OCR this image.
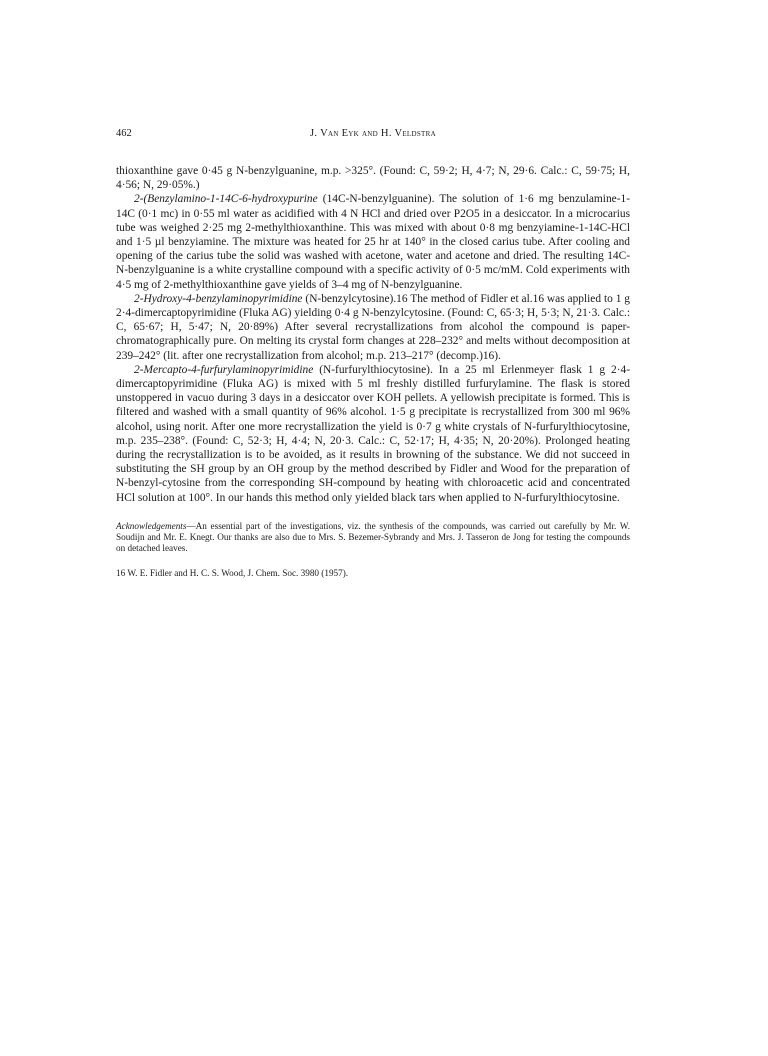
462	J. Van Eyk and H. Veldstra

thioxanthine gave 0·45 g N-benzylguanine, m.p. >325°. (Found: C, 59·2; H, 4·7; N, 29·6. Calc.: C, 59·75; H, 4·56; N, 29·05%.)

2-(Benzylamino-1-14C-6-hydroxypurine (14C-N-benzylguanine). The solution of 1·6 mg benzulamine-1-14C (0·1 mc) in 0·55 ml water as acidified with 4 N HCl and dried over P2O5 in a desiccator. In a microcarius tube was weighed 2·25 mg 2-methylthioxanthine. This was mixed with about 0·8 mg benzyiamine-1-14C-HCl and 1·5 µl benzyiamine. The mixture was heated for 25 hr at 140° in the closed carius tube. After cooling and opening of the carius tube the solid was washed with acetone, water and acetone and dried. The resulting 14C-N-benzylguanine is a white crystalline compound with a specific activity of 0·5 mc/mM. Cold experiments with 4·5 mg of 2-methylthioxanthine gave yields of 3–4 mg of N-benzylguanine.

2-Hydroxy-4-benzylaminopyrimidine (N-benzylcytosine).16 The method of Fidler et al.16 was applied to 1 g 2·4-dimercaptopyrimidine (Fluka AG) yielding 0·4 g N-benzylcytosine. (Found: C, 65·3; H, 5·3; N, 21·3. Calc.: C, 65·67; H, 5·47; N, 20·89%) After several recrystallizations from alcohol the compound is paper-chromatographically pure. On melting its crystal form changes at 228–232° and melts without decomposition at 239–242° (lit. after one recrystallization from alcohol; m.p. 213–217° (decomp.)16).

2-Mercapto-4-furfurylaminopyrimidine (N-furfurylthiocytosine). In a 25 ml Erlenmeyer flask 1 g 2·4-dimercaptopyrimidine (Fluka AG) is mixed with 5 ml freshly distilled furfurylamine. The flask is stored unstoppered in vacuo during 3 days in a desiccator over KOH pellets. A yellowish precipitate is formed. This is filtered and washed with a small quantity of 96% alcohol. 1·5 g precipitate is recrystallized from 300 ml 96% alcohol, using norit. After one more recrystallization the yield is 0·7 g white crystals of N-furfurylthiocytosine, m.p. 235–238°. (Found: C, 52·3; H, 4·4; N, 20·3. Calc.: C, 52·17; H, 4·35; N, 20·20%). Prolonged heating during the recrystallization is to be avoided, as it results in browning of the substance. We did not succeed in substituting the SH group by an OH group by the method described by Fidler and Wood for the preparation of N-benzyl-cytosine from the corresponding SH-compound by heating with chloroacetic acid and concentrated HCl solution at 100°. In our hands this method only yielded black tars when applied to N-furfurylthiocytosine.

Acknowledgements—An essential part of the investigations, viz. the synthesis of the compounds, was carried out carefully by Mr. W. Soudijn and Mr. E. Knegt. Our thanks are also due to Mrs. S. Bezemer-Sybrandy and Mrs. J. Tasseron de Jong for testing the compounds on detached leaves.

16 W. E. Fidler and H. C. S. Wood, J. Chem. Soc. 3980 (1957).
